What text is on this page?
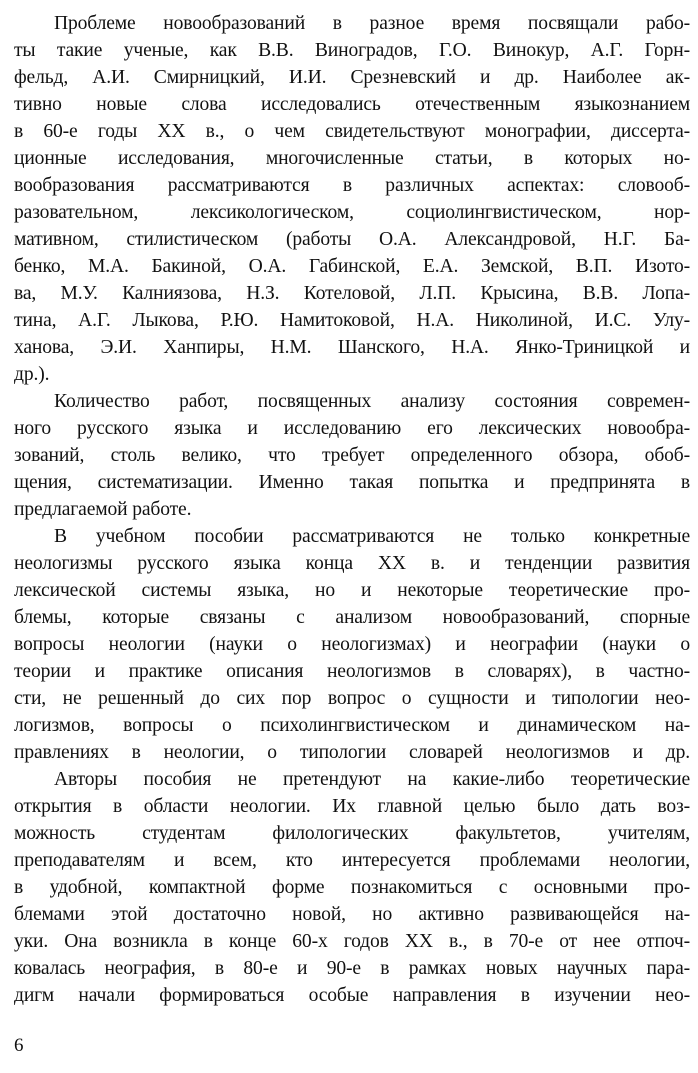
Проблеме новообразований в разное время посвящали рабо-
ты такие ученые, как В.В. Виноградов, Г.О. Винокур, А.Г. Горн-
фельд, А.И. Смирницкий, И.И. Срезневский и др. Наиболее ак-
тивно новые слова исследовались отечественным языкознанием
в 60-е годы XX в., о чем свидетельствуют монографии, диссерта-
ционные исследования, многочисленные статьи, в которых но-
вообразования рассматриваются в различных аспектах: словооб-
разовательном, лексикологическом, социолингвистическом, нор-
мативном, стилистическом (работы О.А. Александровой, Н.Г. Ба-
бенко, М.А. Бакиной, О.А. Габинской, Е.А. Земской, В.П. Изото-
ва, М.У. Калниязова, Н.З. Котеловой, Л.П. Крысина, В.В. Лопа-
тина, А.Г. Лыкова, Р.Ю. Намитоковой, Н.А. Николиной, И.С. Улу-
ханова, Э.И. Ханпиры, Н.М. Шанского, Н.А. Янко-Триницкой и
др.).
Количество работ, посвященных анализу состояния современ-
ного русского языка и исследованию его лексических новообра-
зований, столь велико, что требует определенного обзора, обоб-
щения, систематизации. Именно такая попытка и предпринята в
предлагаемой работе.
В учебном пособии рассматриваются не только конкретные
неологизмы русского языка конца XX в. и тенденции развития
лексической системы языка, но и некоторые теоретические про-
блемы, которые связаны с анализом новообразований, спорные
вопросы неологии (науки о неологизмах) и неографии (науки о
теории и практике описания неологизмов в словарях), в частно-
сти, не решенный до сих пор вопрос о сущности и типологии нео-
логизмов, вопросы о психолингвистическом и динамическом на-
правлениях в неологии, о типологии словарей неологизмов и др.
Авторы пособия не претендуют на какие-либо теоретические
открытия в области неологии. Их главной целью было дать воз-
можность студентам филологических факультетов, учителям,
преподавателям и всем, кто интересуется проблемами неологии,
в удобной, компактной форме познакомиться с основными про-
блемами этой достаточно новой, но активно развивающейся на-
уки. Она возникла в конце 60-х годов XX в., в 70-е от нее отпоч-
ковалась неография, в 80-е и 90-е в рамках новых научных пара-
дигм начали формироваться особые направления в изучении нео-
6
